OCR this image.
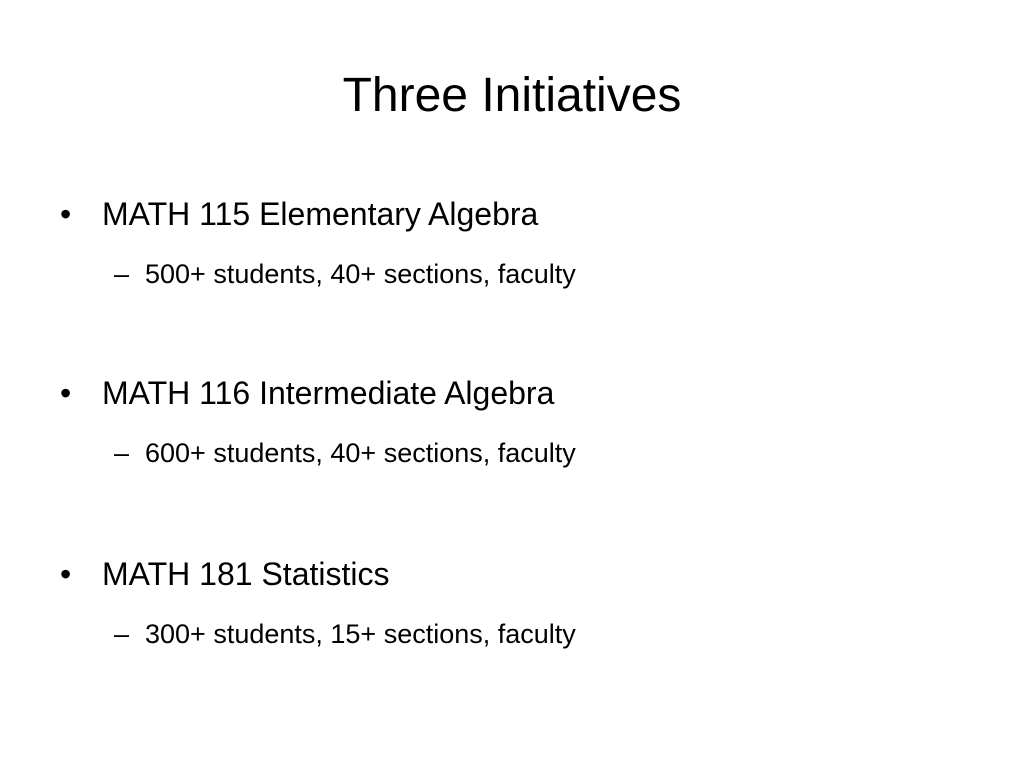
Three Initiatives
• MATH 115 Elementary Algebra
– 500+ students, 40+ sections, faculty
• MATH 116 Intermediate Algebra
– 600+ students, 40+ sections, faculty
• MATH 181 Statistics
– 300+ students, 15+ sections, faculty
